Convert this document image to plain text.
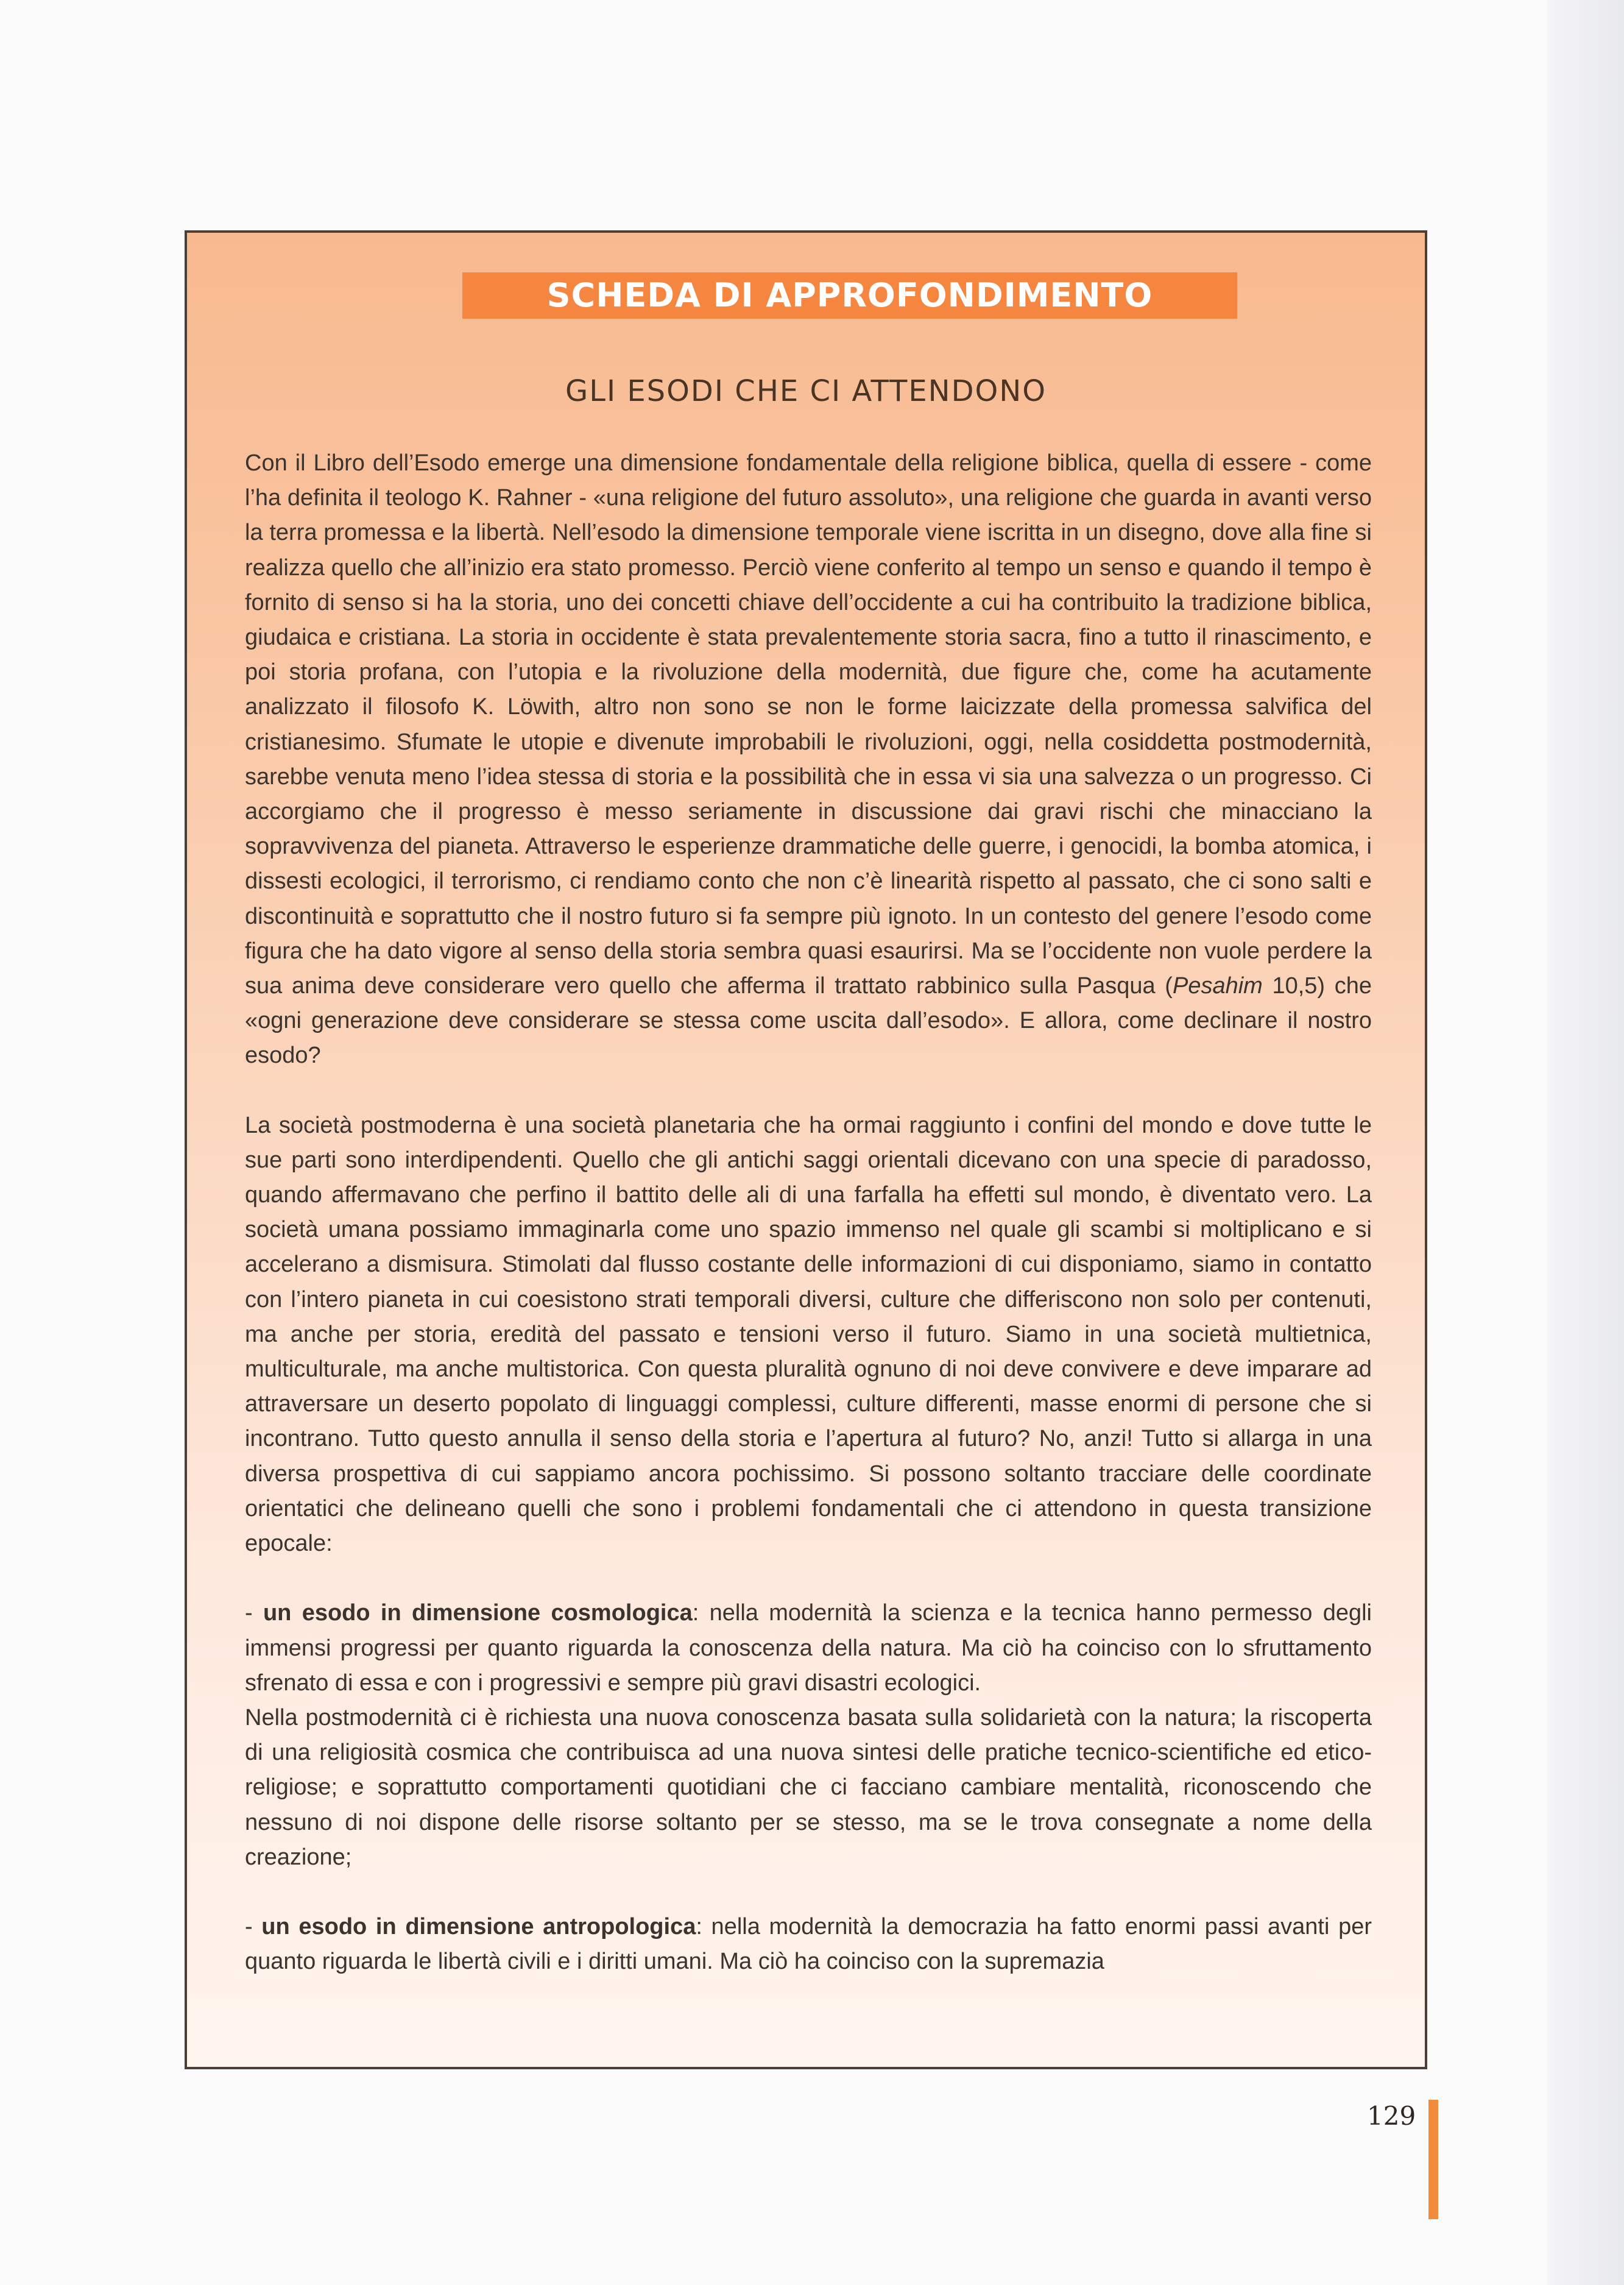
SCHEDA DI APPROFONDIMENTO
GLI ESODI CHE CI ATTENDONO

Con il Libro dell’Esodo emerge una dimensione fondamentale della religione biblica, quella di essere - come l’ha definita il teologo K. Rahner - «una religione del futuro assoluto», una religione che guarda in avanti verso la terra promessa e la libertà. Nell’esodo la dimensione temporale viene iscritta in un disegno, dove alla fine si realizza quello che all’inizio era stato promesso. Perciò viene conferito al tempo un senso e quando il tempo è fornito di senso si ha la storia, uno dei concetti chiave dell’occidente a cui ha contribuito la tradizione biblica, giudaica e cristiana. La storia in occidente è stata prevalentemente storia sacra, fino a tutto il rinascimento, e poi storia profana, con l’utopia e la rivoluzione della modernità, due figure che, come ha acutamente analizzato il filosofo K. Löwith, altro non sono se non le forme laicizzate della promessa salvifica del cristianesimo. Sfumate le utopie e divenute improbabili le rivoluzioni, oggi, nella cosiddetta postmodernità, sarebbe venuta meno l’idea stessa di storia e la possibilità che in essa vi sia una salvezza o un progresso. Ci accorgiamo che il progresso è messo seriamente in discussione dai gravi rischi che minacciano la sopravvivenza del pianeta. Attraverso le esperienze drammatiche delle guerre, i genocidi, la bomba atomica, i dissesti ecologici, il terrorismo, ci rendiamo conto che non c’è linearità rispetto al passato, che ci sono salti e discontinuità e soprattutto che il nostro futuro si fa sempre più ignoto. In un contesto del genere l’esodo come figura che ha dato vigore al senso della storia sembra quasi esaurirsi. Ma se l’occidente non vuole perdere la sua anima deve considerare vero quello che afferma il trattato rabbinico sulla Pasqua (Pesahim 10,5) che «ogni generazione deve considerare se stessa come uscita dall’esodo». E allora, come declinare il nostro esodo?

La società postmoderna è una società planetaria che ha ormai raggiunto i confini del mondo e dove tutte le sue parti sono interdipendenti. Quello che gli antichi saggi orientali dicevano con una specie di paradosso, quando affermavano che perfino il battito delle ali di una farfalla ha effetti sul mondo, è diventato vero. La società umana possiamo immaginarla come uno spazio immenso nel quale gli scambi si moltiplicano e si accelerano a dismisura. Stimolati dal flusso costante delle informazioni di cui disponiamo, siamo in contatto con l’intero pianeta in cui coesistono strati temporali diversi, culture che differiscono non solo per contenuti, ma anche per storia, eredità del passato e tensioni verso il futuro. Siamo in una società multietnica, multiculturale, ma anche multistorica. Con questa pluralità ognuno di noi deve convivere e deve imparare ad attraversare un deserto popolato di linguaggi complessi, culture differenti, masse enormi di persone che si incontrano. Tutto questo annulla il senso della storia e l’apertura al futuro? No, anzi! Tutto si allarga in una diversa prospettiva di cui sappiamo ancora pochissimo. Si possono soltanto tracciare delle coordinate orientatici che delineano quelli che sono i problemi fondamentali che ci attendono in questa transizione epocale:

- un esodo in dimensione cosmologica: nella modernità la scienza e la tecnica hanno permesso degli immensi progressi per quanto riguarda la conoscenza della natura. Ma ciò ha coinciso con lo sfruttamento sfrenato di essa e con i progressivi e sempre più gravi disastri ecologici.

Nella postmodernità ci è richiesta una nuova conoscenza basata sulla solidarietà con la natura; la riscoperta di una religiosità cosmica che contribuisca ad una nuova sintesi delle pratiche tecnico-scientifiche ed etico-religiose; e soprattutto comportamenti quotidiani che ci facciano cambiare mentalità, riconoscendo che nessuno di noi dispone delle risorse soltanto per se stesso, ma se le trova consegnate a nome della creazione;

- un esodo in dimensione antropologica: nella modernità la democrazia ha fatto enormi passi avanti per quanto riguarda le libertà civili e i diritti umani. Ma ciò ha coinciso con la supremazia

129
